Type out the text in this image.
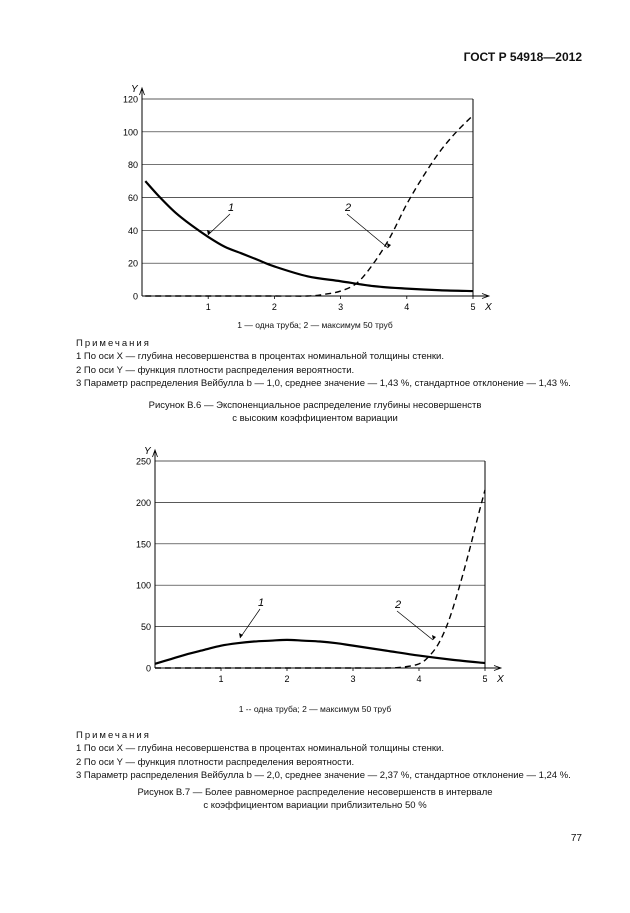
ГОСТ Р 54918—2012
Y
X
0
20
40
60
80
100
120
1	2	3	4	5
1	2
1 — одна труба; 2 — максимум 50 труб
Примечания
1 По оси X — глубина несовершенства в процентах номинальной толщины стенки.
2 По оси Y — функция плотности распределения вероятности.
3 Параметр распределения Вейбулла b — 1,0, среднее значение — 1,43 %, стандартное отклонение — 1,43 %.
Рисунок В.6 — Экспоненциальное распределение глубины несовершенств
с высоким коэффициентом вариации
Y
X
0
50
100
150
200
250
1	2	3	4	5
1	2
1 -- одна труба; 2 — максимум 50 труб
Примечания
1 По оси X — глубина несовершенства в процентах номинальной толщины стенки.
2 По оси Y — функция плотности распределения вероятности.
3 Параметр распределения Вейбулла b — 2,0, среднее значение — 2,37 %, стандартное отклонение — 1,24 %.
Рисунок В.7 — Более равномерное распределение несовершенств в интервале
с коэффициентом вариации приблизительно 50 %
77
